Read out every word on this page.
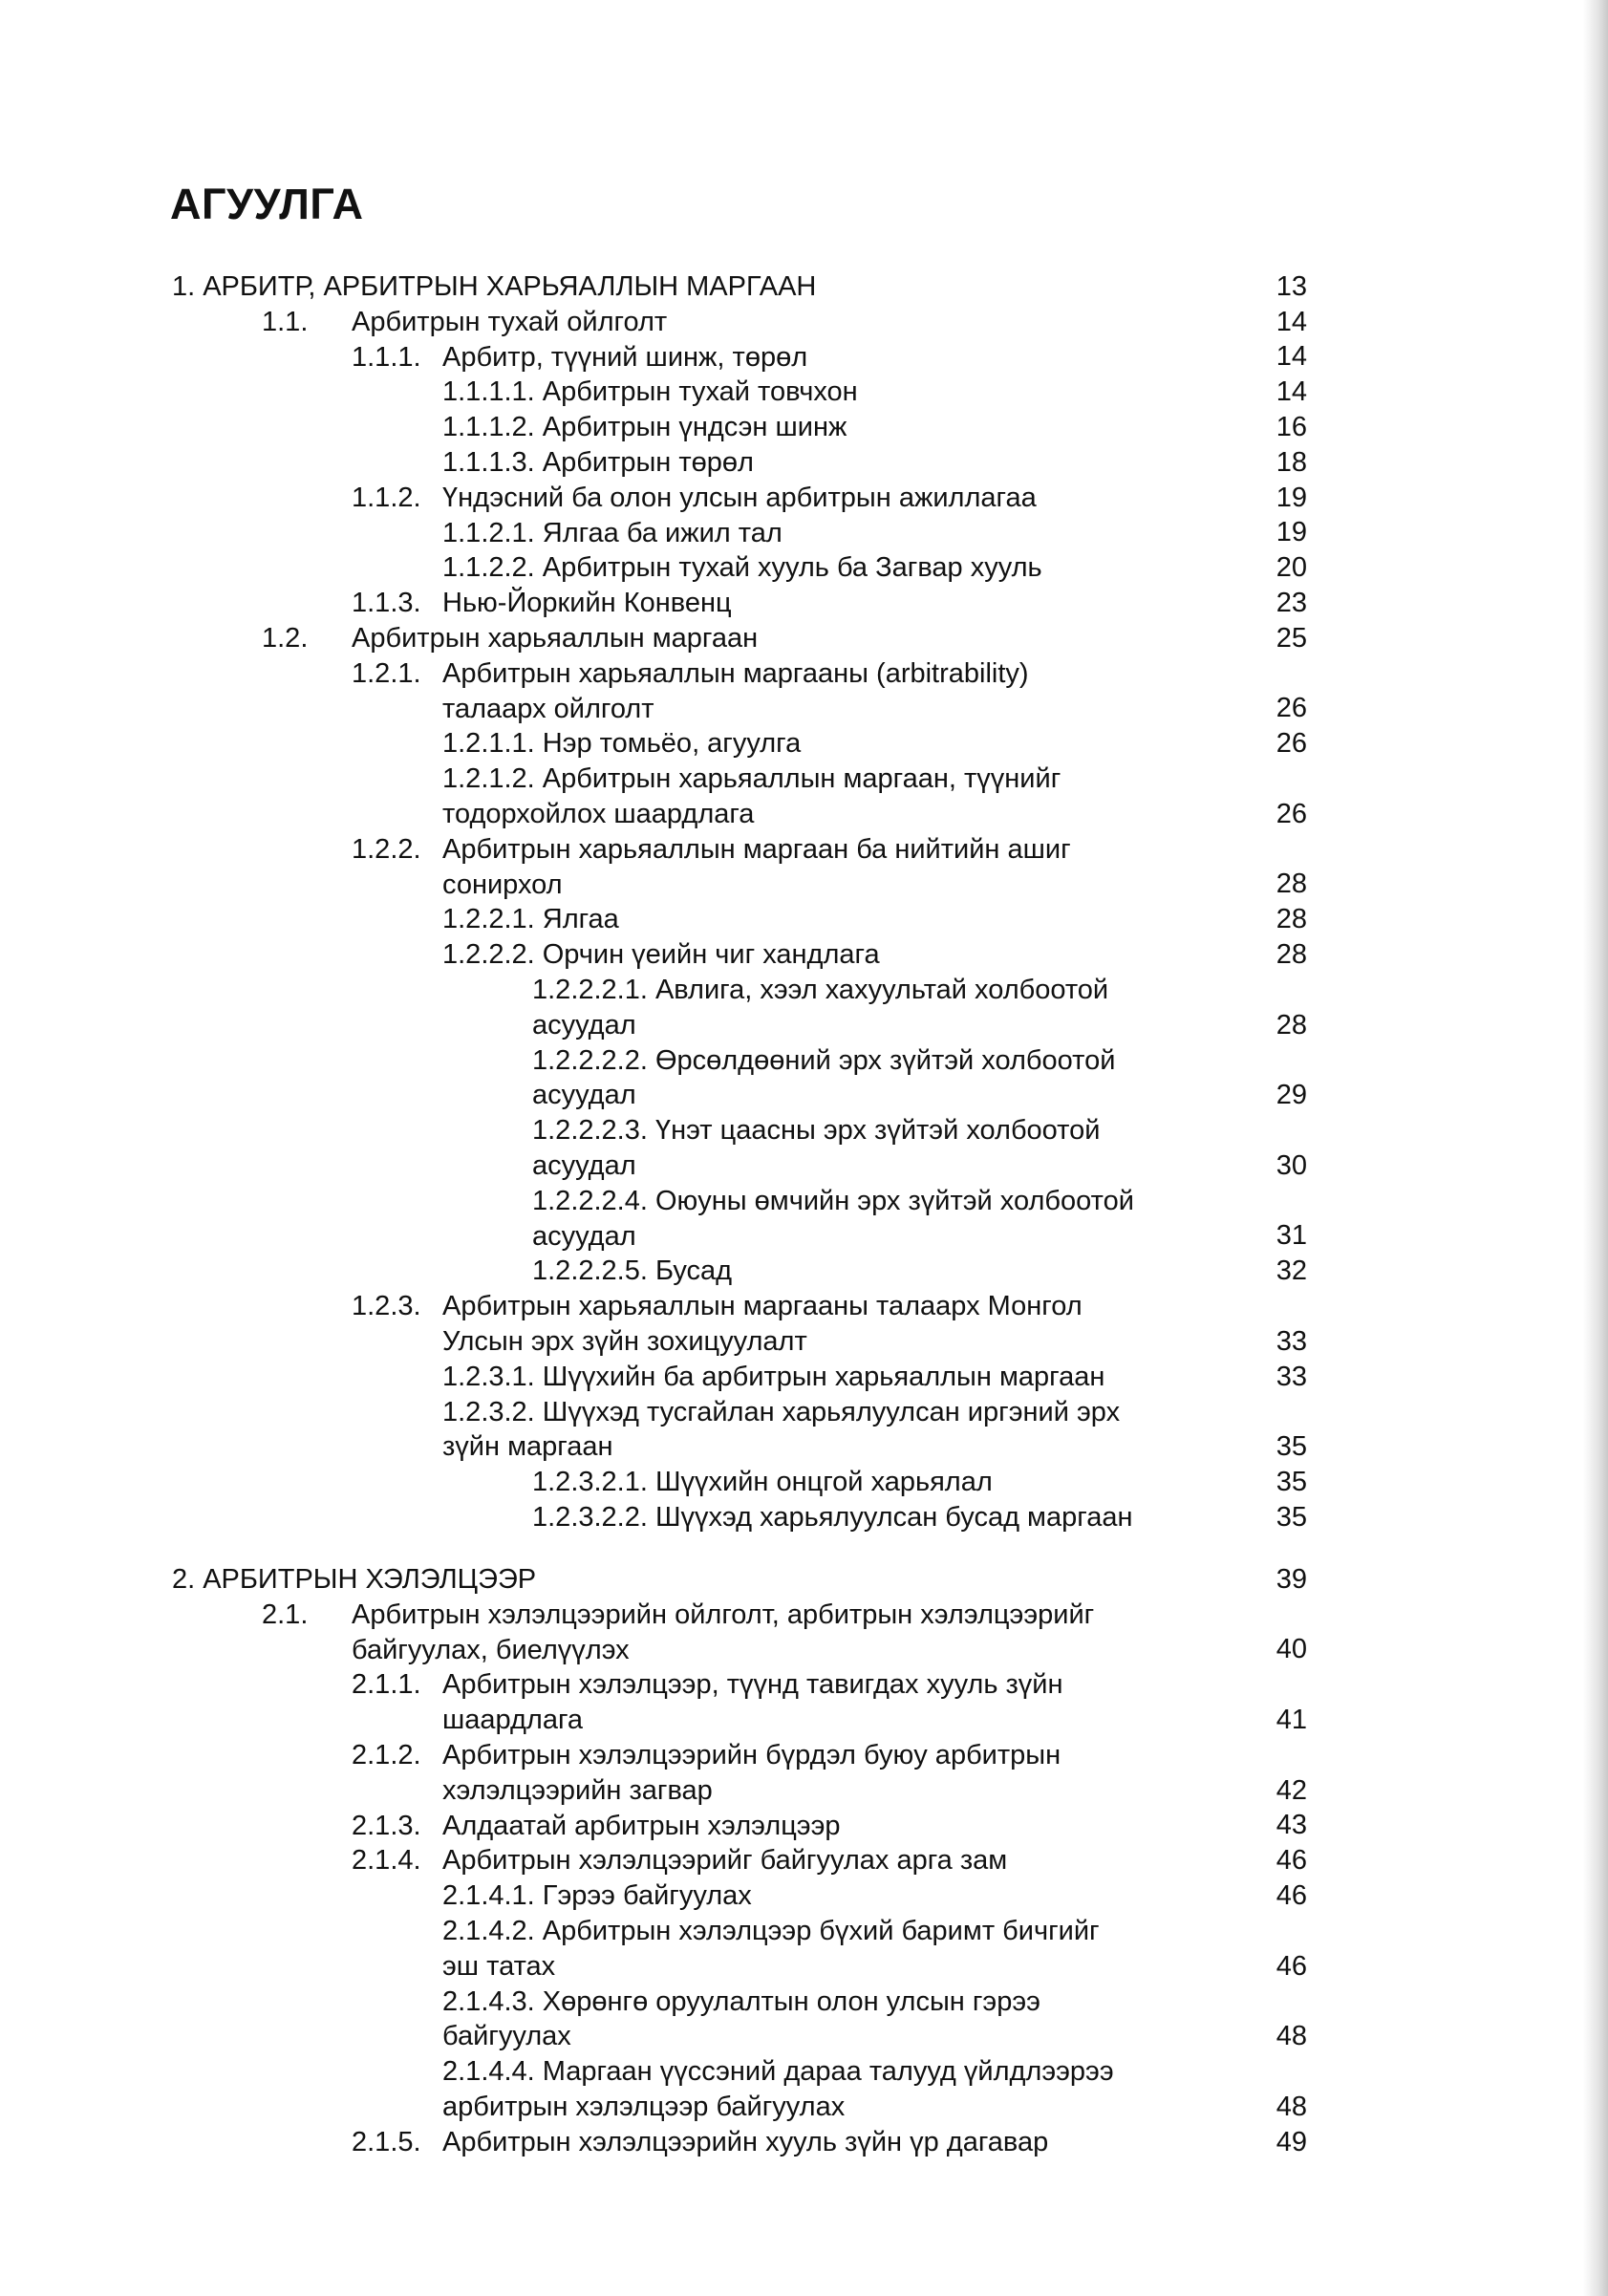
АГУУЛГА
1. АРБИТР, АРБИТРЫН ХАРЬЯАЛЛЫН МАРГААН	13
1.1. Арбитрын тухай ойлголт	14
1.1.1. Арбитр, түүний шинж, төрөл	14
1.1.1.1. Арбитрын тухай товчхон	14
1.1.1.2. Арбитрын үндсэн шинж	16
1.1.1.3. Арбитрын төрөл	18
1.1.2. Үндэсний ба олон улсын арбитрын ажиллагаа	19
1.1.2.1. Ялгаа ба ижил тал	19
1.1.2.2. Арбитрын тухай хууль ба Загвар хууль	20
1.1.3. Нью-Йоркийн Конвенц	23
1.2. Арбитрын харьяаллын маргаан	25
1.2.1. Арбитрын харьяаллын маргааны (arbitrability)
талаарх ойлголт	26
1.2.1.1. Нэр томьёо, агуулга	26
1.2.1.2. Арбитрын харьяаллын маргаан, түүнийг
тодорхойлох шаардлага	26
1.2.2. Арбитрын харьяаллын маргаан ба нийтийн ашиг
сонирхол	28
1.2.2.1. Ялгаа	28
1.2.2.2. Орчин үеийн чиг хандлага	28
1.2.2.2.1. Авлига, хээл хахуультай холбоотой
асуудал	28
1.2.2.2.2. Өрсөлдөөний эрх зүйтэй холбоотой
асуудал	29
1.2.2.2.3. Үнэт цаасны эрх зүйтэй холбоотой
асуудал	30
1.2.2.2.4. Оюуны өмчийн эрх зүйтэй холбоотой
асуудал	31
1.2.2.2.5. Бусад	32
1.2.3. Арбитрын харьяаллын маргааны талаарх Монгол
Улсын эрх зүйн зохицуулалт	33
1.2.3.1. Шүүхийн ба арбитрын харьяаллын маргаан	33
1.2.3.2. Шүүхэд тусгайлан харьялуулсан иргэний эрх
зүйн маргаан	35
1.2.3.2.1. Шүүхийн онцгой харьялал	35
1.2.3.2.2. Шүүхэд харьялуулсан бусад маргаан	35
2. АРБИТРЫН ХЭЛЭЛЦЭЭР	39
2.1. Арбитрын хэлэлцээрийн ойлголт, арбитрын хэлэлцээрийг
байгуулах, биелүүлэх	40
2.1.1. Арбитрын хэлэлцээр, түүнд тавигдах хууль зүйн
шаардлага	41
2.1.2. Арбитрын хэлэлцээрийн бүрдэл буюу арбитрын
хэлэлцээрийн загвар	42
2.1.3. Алдаатай арбитрын хэлэлцээр	43
2.1.4. Арбитрын хэлэлцээрийг байгуулах арга зам	46
2.1.4.1. Гэрээ байгуулах	46
2.1.4.2. Арбитрын хэлэлцээр бүхий баримт бичгийг
эш татах	46
2.1.4.3. Хөрөнгө оруулалтын олон улсын гэрээ
байгуулах	48
2.1.4.4. Маргаан үүссэний дараа талууд үйлдлээрээ
арбитрын хэлэлцээр байгуулах	48
2.1.5. Арбитрын хэлэлцээрийн хууль зүйн үр дагавар	49
